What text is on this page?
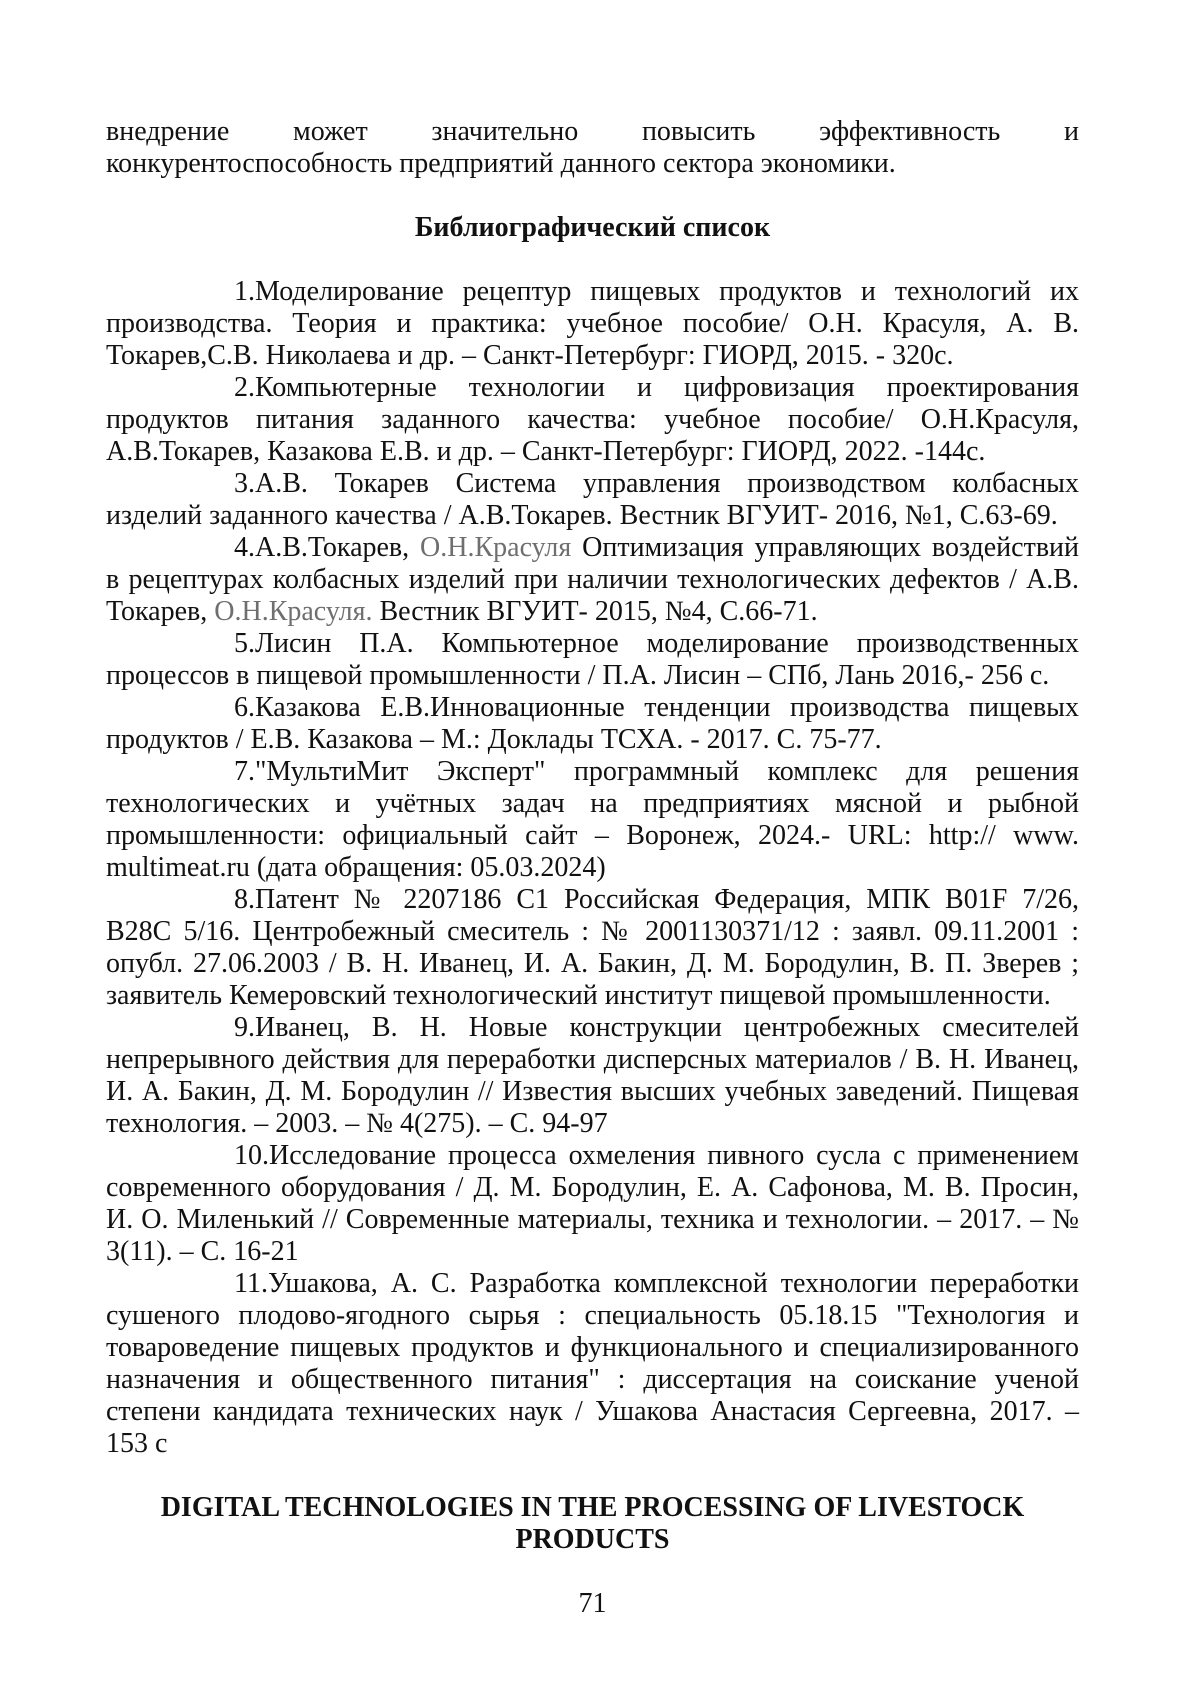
внедрение может значительно повысить эффективность и конкурентоспособность предприятий данного сектора экономики.

Библиографический список

1.Моделирование рецептур пищевых продуктов и технологий их производства. Теория и практика: учебное пособие/ О.Н. Красуля, А. В. Токарев,С.В. Николаева и др. – Санкт-Петербург: ГИОРД, 2015. - 320с.

2.Компьютерные технологии и цифровизация проектирования продуктов питания заданного качества: учебное пособие/ О.Н.Красуля, А.В.Токарев, Казакова Е.В. и др. – Санкт-Петербург: ГИОРД, 2022. -144с.

3.А.В. Токарев Система управления производством колбасных изделий заданного качества / А.В.Токарев. Вестник ВГУИТ- 2016, №1, С.63-69.

4.А.В.Токарев, О.Н.Красуля Оптимизация управляющих воздействий в рецептурах колбасных изделий при наличии технологических дефектов / А.В. Токарев, О.Н.Красуля. Вестник ВГУИТ- 2015, №4, С.66-71.

5.Лисин П.А. Компьютерное моделирование производственных процессов в пищевой промышленности / П.А. Лисин – СПб, Лань 2016,- 256 с.

6.Казакова Е.В.Инновационные тенденции производства пищевых продуктов / Е.В. Казакова – М.: Доклады ТСХА. - 2017. С. 75-77.

7."МультиМит Эксперт" программный комплекс для решения технологических и учётных задач на предприятиях мясной и рыбной промышленности: официальный сайт – Воронеж, 2024.- URL: http:// www. multimeat.ru (дата обращения: 05.03.2024)

8.Патент № 2207186 С1 Российская Федерация, МПК B01F 7/26, B28C 5/16. Центробежный смеситель : № 2001130371/12 : заявл. 09.11.2001 : опубл. 27.06.2003 / В. Н. Иванец, И. А. Бакин, Д. М. Бородулин, В. П. Зверев ; заявитель Кемеровский технологический институт пищевой промышленности.

9.Иванец, В. Н. Новые конструкции центробежных смесителей непрерывного действия для переработки дисперсных материалов / В. Н. Иванец, И. А. Бакин, Д. М. Бородулин // Известия высших учебных заведений. Пищевая технология. – 2003. – № 4(275). – С. 94-97

10.Исследование процесса охмеления пивного сусла с применением современного оборудования / Д. М. Бородулин, Е. А. Сафонова, М. В. Просин, И. О. Миленький // Современные материалы, техника и технологии. – 2017. – № 3(11). – С. 16-21

11.Ушакова, А. С. Разработка комплексной технологии переработки сушеного плодово-ягодного сырья : специальность 05.18.15 "Технология и товароведение пищевых продуктов и функционального и специализированного назначения и общественного питания" : диссертация на соискание ученой степени кандидата технических наук / Ушакова Анастасия Сергеевна, 2017. – 153 с

DIGITAL TECHNOLOGIES IN THE PROCESSING OF LIVESTOCK PRODUCTS
71
